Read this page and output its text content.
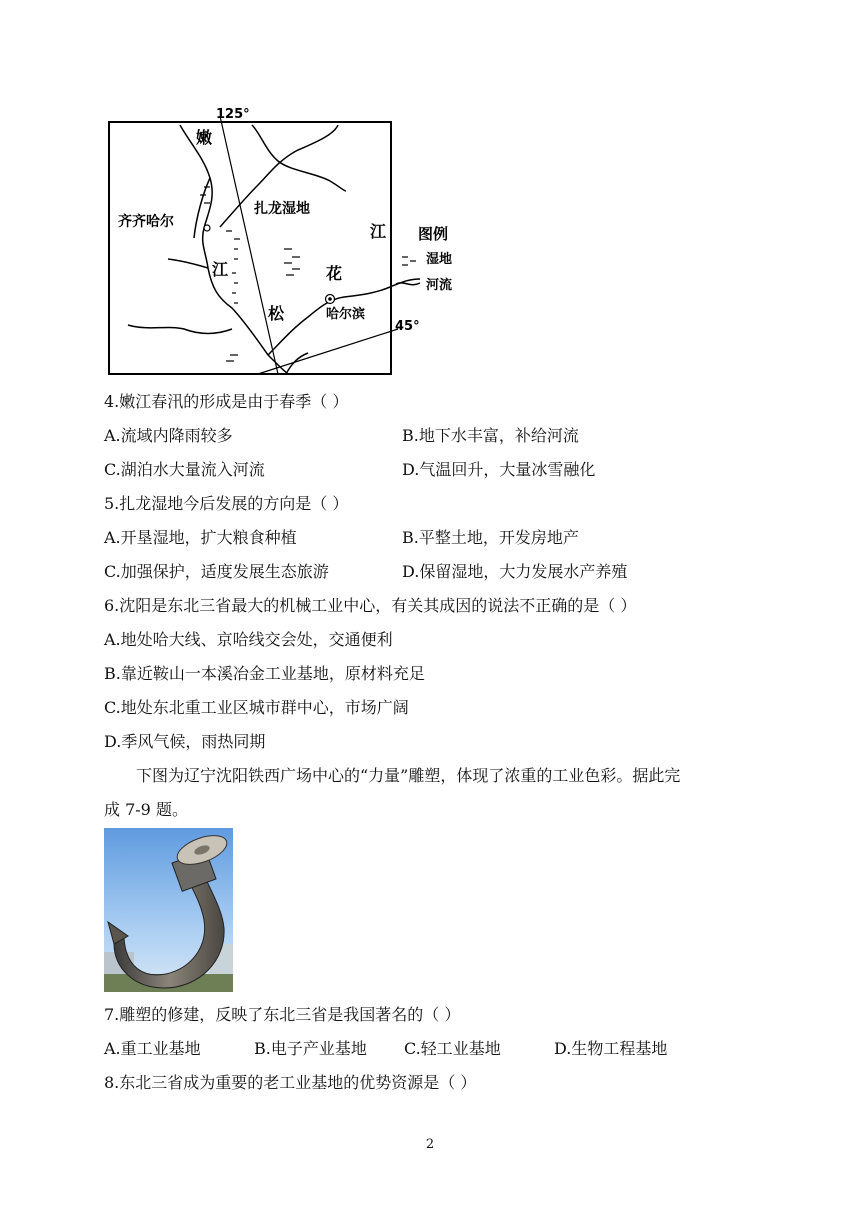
125°
45°
嫩
齐齐哈尔
扎龙湿地
江
松
花
江
哈尔滨
图例
湿地
河流
4.嫩江春汛的形成是由于春季（ ）
A.流域内降雨较多	B.地下水丰富，补给河流
C.湖泊水大量流入河流	D.气温回升，大量冰雪融化
5.扎龙湿地今后发展的方向是（ ）
A.开垦湿地，扩大粮食种植	B.平整土地，开发房地产
C.加强保护，适度发展生态旅游	D.保留湿地，大力发展水产养殖
6.沈阳是东北三省最大的机械工业中心，有关其成因的说法不正确的是（ ）
A.地处哈大线、京哈线交会处，交通便利
B.靠近鞍山一本溪冶金工业基地，原材料充足
C.地处东北重工业区城市群中心，市场广阔
D.季风气候，雨热同期
下图为辽宁沈阳铁西广场中心的“力量”雕塑，体现了浓重的工业色彩。据此完
成 7-9 题。
7.雕塑的修建，反映了东北三省是我国著名的（ ）
A.重工业基地	B.电子产业基地 C.轻工业基地	D.生物工程基地
8.东北三省成为重要的老工业基地的优势资源是（ ）
2
